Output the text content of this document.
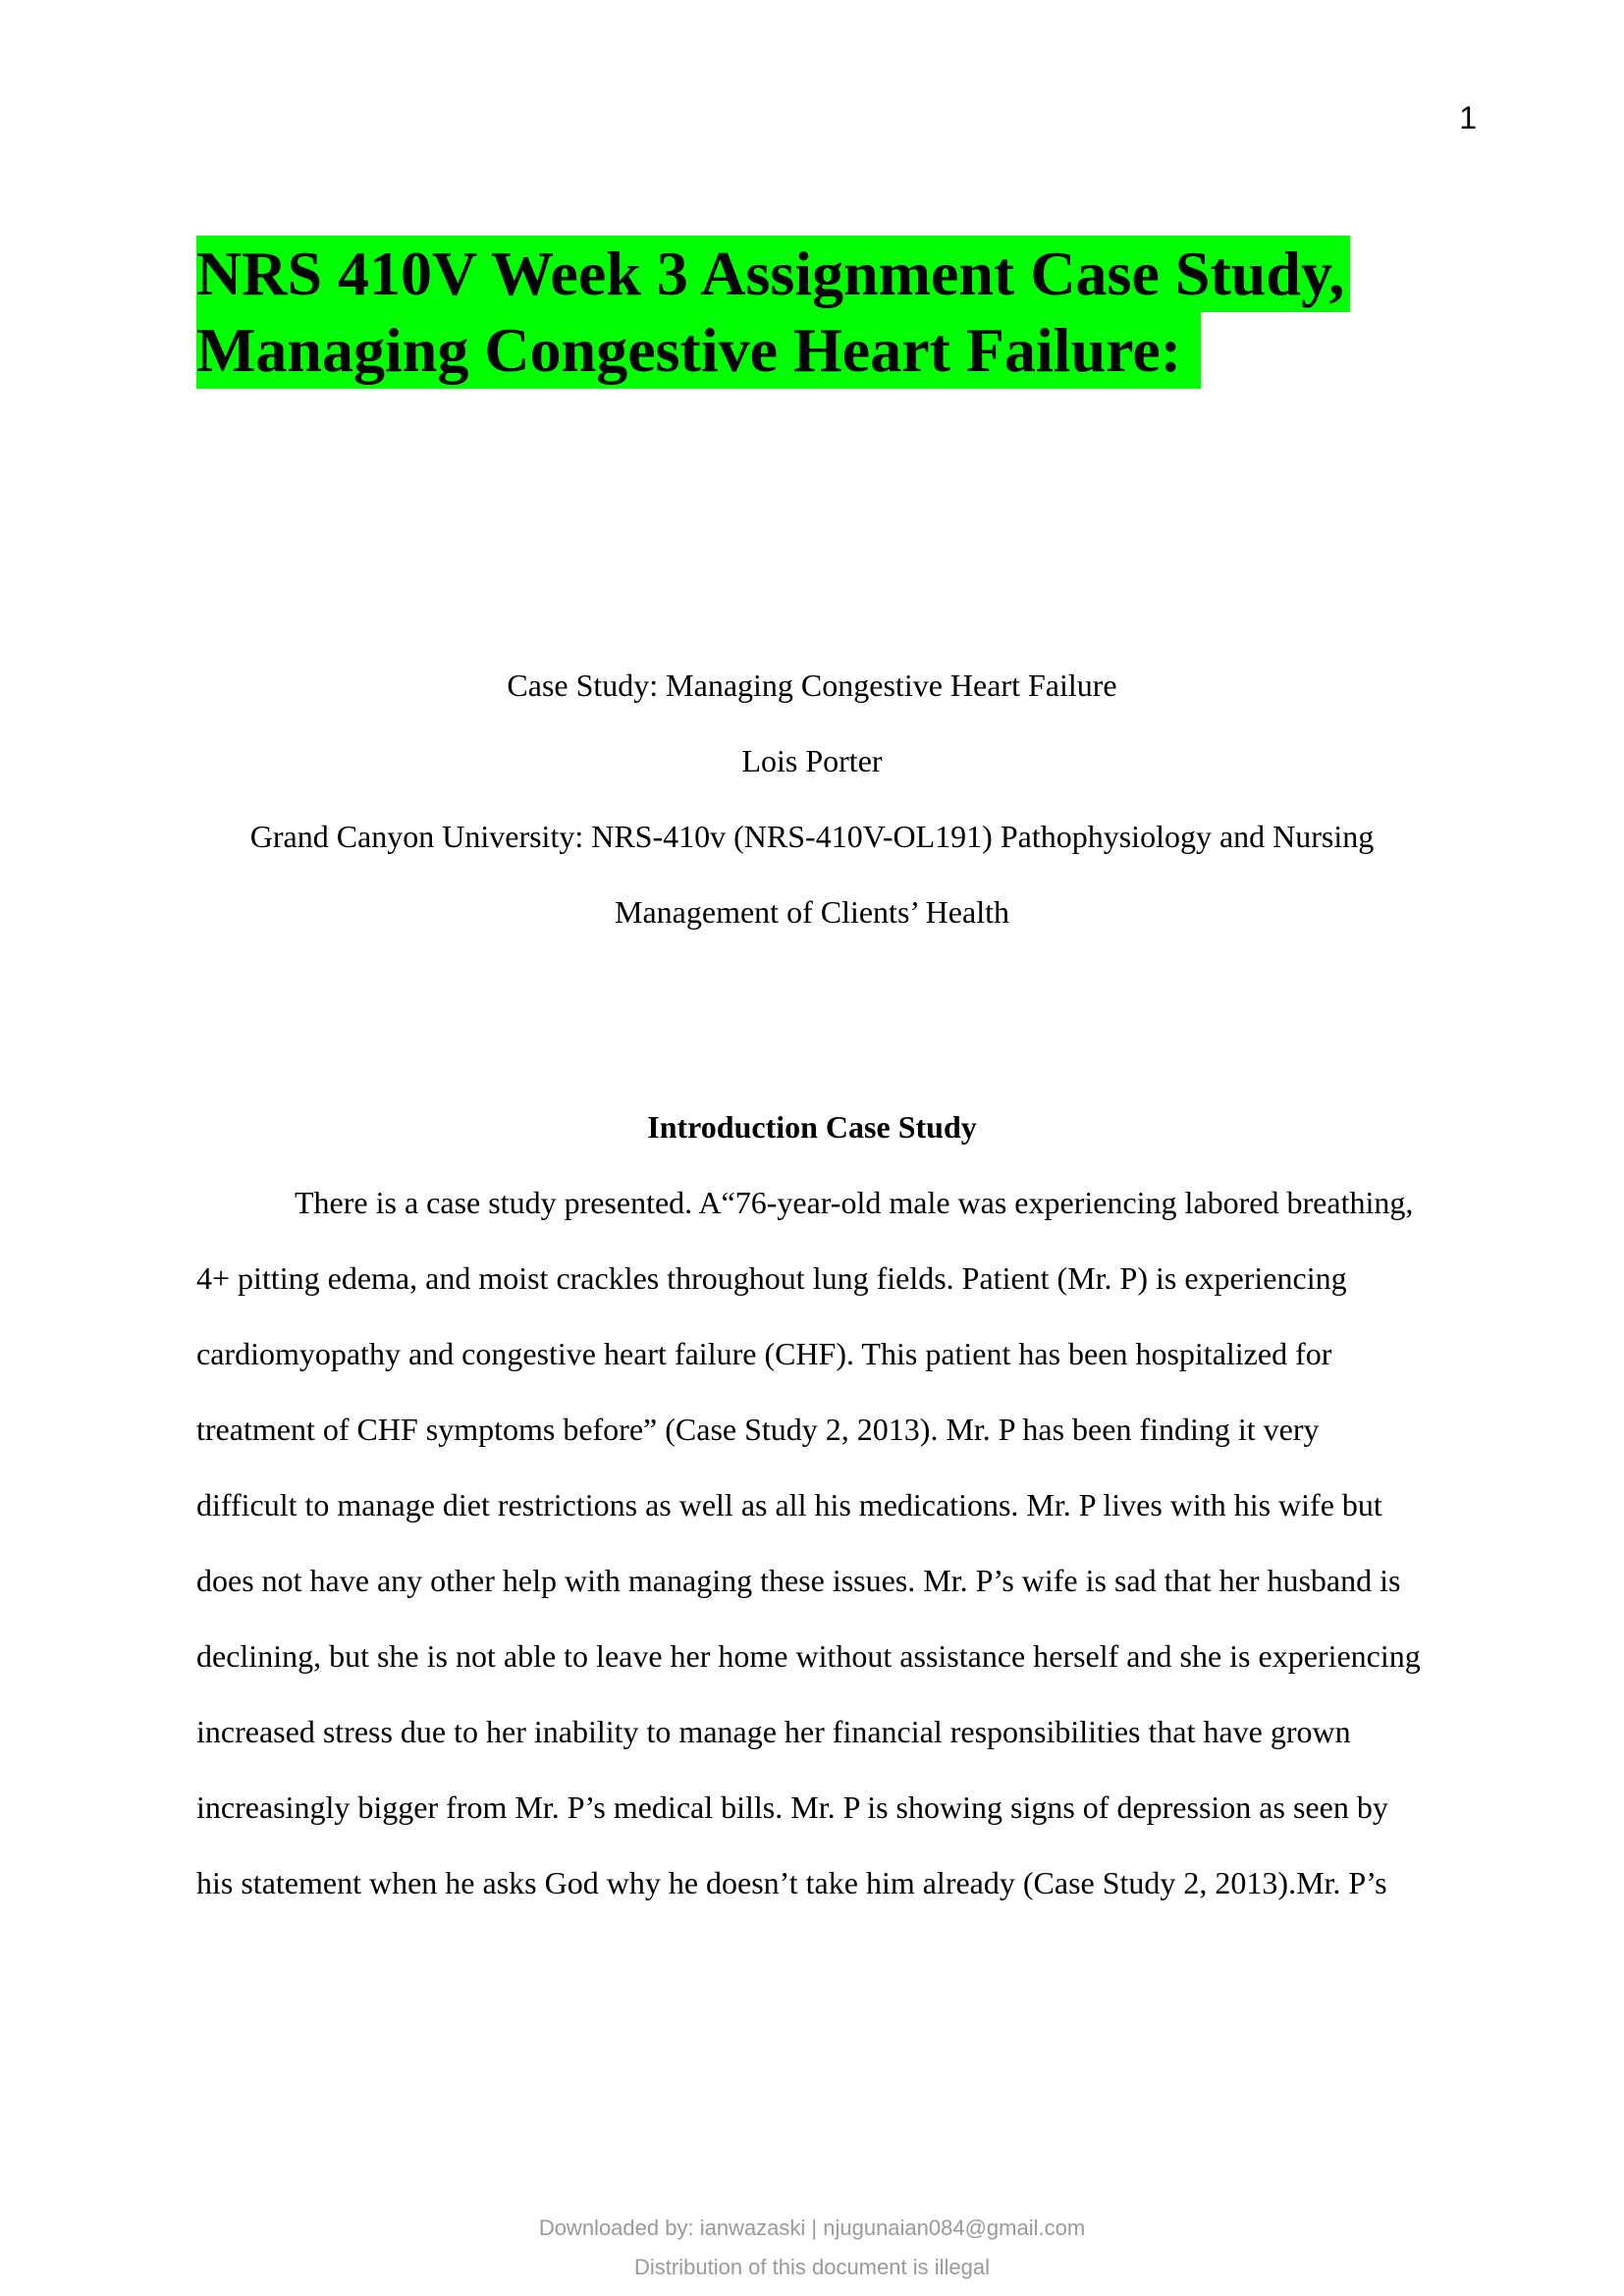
1
NRS 410V Week 3 Assignment Case Study,
Managing Congestive Heart Failure:
Case Study: Managing Congestive Heart Failure
Lois Porter
Grand Canyon University: NRS-410v (NRS-410V-OL191) Pathophysiology and Nursing
Management of Clients’ Health
Introduction Case Study
There is a case study presented. A“76-year-old male was experiencing labored breathing,
4+ pitting edema, and moist crackles throughout lung fields. Patient (Mr. P) is experiencing
cardiomyopathy and congestive heart failure (CHF). This patient has been hospitalized for
treatment of CHF symptoms before” (Case Study 2, 2013). Mr. P has been finding it very
difficult to manage diet restrictions as well as all his medications. Mr. P lives with his wife but
does not have any other help with managing these issues. Mr. P’s wife is sad that her husband is
declining, but she is not able to leave her home without assistance herself and she is experiencing
increased stress due to her inability to manage her financial responsibilities that have grown
increasingly bigger from Mr. P’s medical bills. Mr. P is showing signs of depression as seen by
his statement when he asks God why he doesn’t take him already (Case Study 2, 2013).Mr. P’s
Downloaded by: ianwazaski | njugunaian084@gmail.com
Distribution of this document is illegal
